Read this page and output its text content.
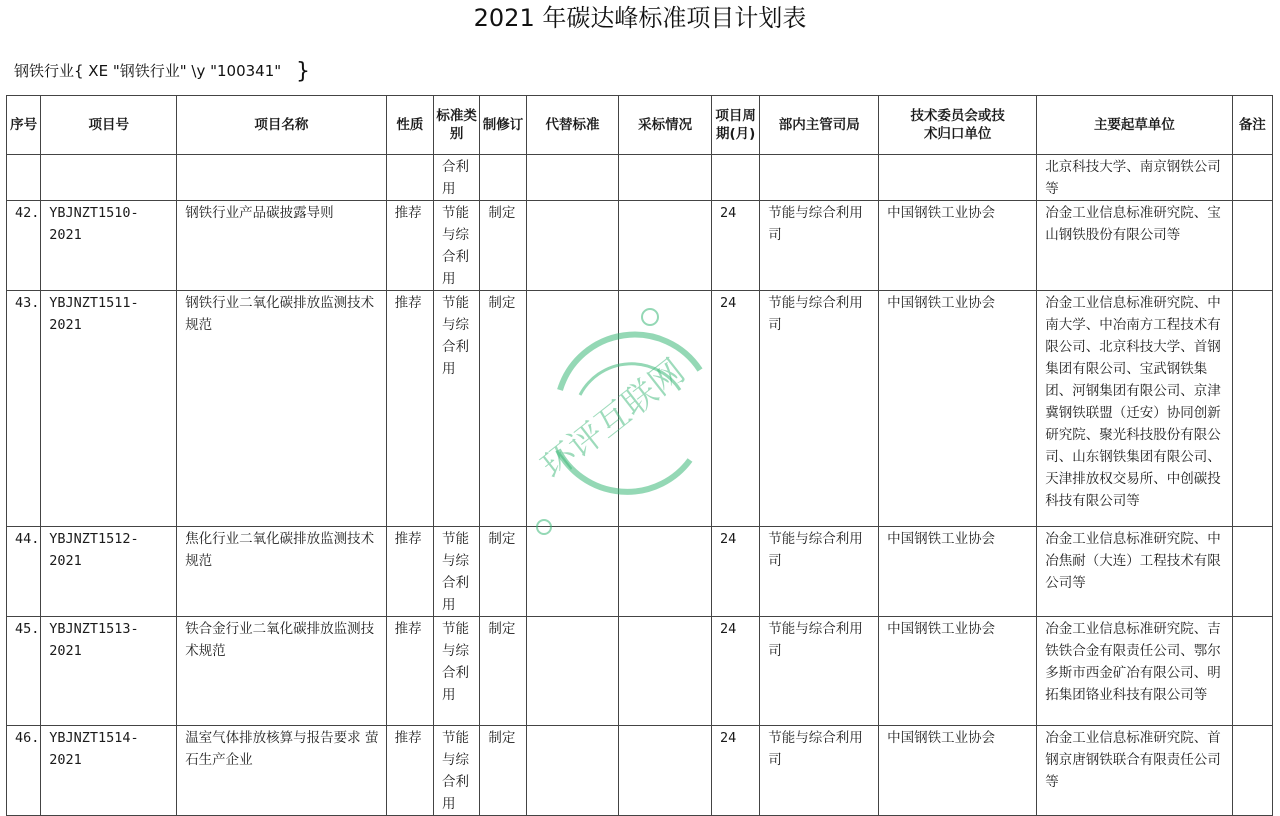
2021 年碳达峰标准项目计划表
钢铁行业{ XE "钢铁行业" \y "100341" }
序号	项目号	项目名称	性质	标准类别	制修订	代替标准	采标情况	项目周期(月)	部内主管司局	技术委员会或技术归口单位	主要起草单位	备注
				合利用							北京科技大学、南京钢铁公司等	
42.	YBJNZT1510-2021	钢铁行业产品碳披露导则	推荐	节能与综合利用	制定			24	节能与综合利用司	中国钢铁工业协会	冶金工业信息标准研究院、宝山钢铁股份有限公司等	
43.	YBJNZT1511-2021	钢铁行业二氧化碳排放监测技术规范	推荐	节能与综合利用	制定			24	节能与综合利用司	中国钢铁工业协会	冶金工业信息标准研究院、中南大学、中冶南方工程技术有限公司、北京科技大学、首钢集团有限公司、宝武钢铁集团、河钢集团有限公司、京津冀钢铁联盟（迁安）协同创新研究院、聚光科技股份有限公司、山东钢铁集团有限公司、天津排放权交易所、中创碳投科技有限公司等	
44.	YBJNZT1512-2021	焦化行业二氧化碳排放监测技术规范	推荐	节能与综合利用	制定			24	节能与综合利用司	中国钢铁工业协会	冶金工业信息标准研究院、中冶焦耐（大连）工程技术有限公司等	
45.	YBJNZT1513-2021	铁合金行业二氧化碳排放监测技术规范	推荐	节能与综合利用	制定			24	节能与综合利用司	中国钢铁工业协会	冶金工业信息标准研究院、吉铁铁合金有限责任公司、鄂尔多斯市西金矿冶有限公司、明拓集团铬业科技有限公司等	
46.	YBJNZT1514-2021	温室气体排放核算与报告要求 萤石生产企业	推荐	节能与综合利用	制定			24	节能与综合利用司	中国钢铁工业协会	冶金工业信息标准研究院、首钢京唐钢铁联合有限责任公司等	
环评互联网
